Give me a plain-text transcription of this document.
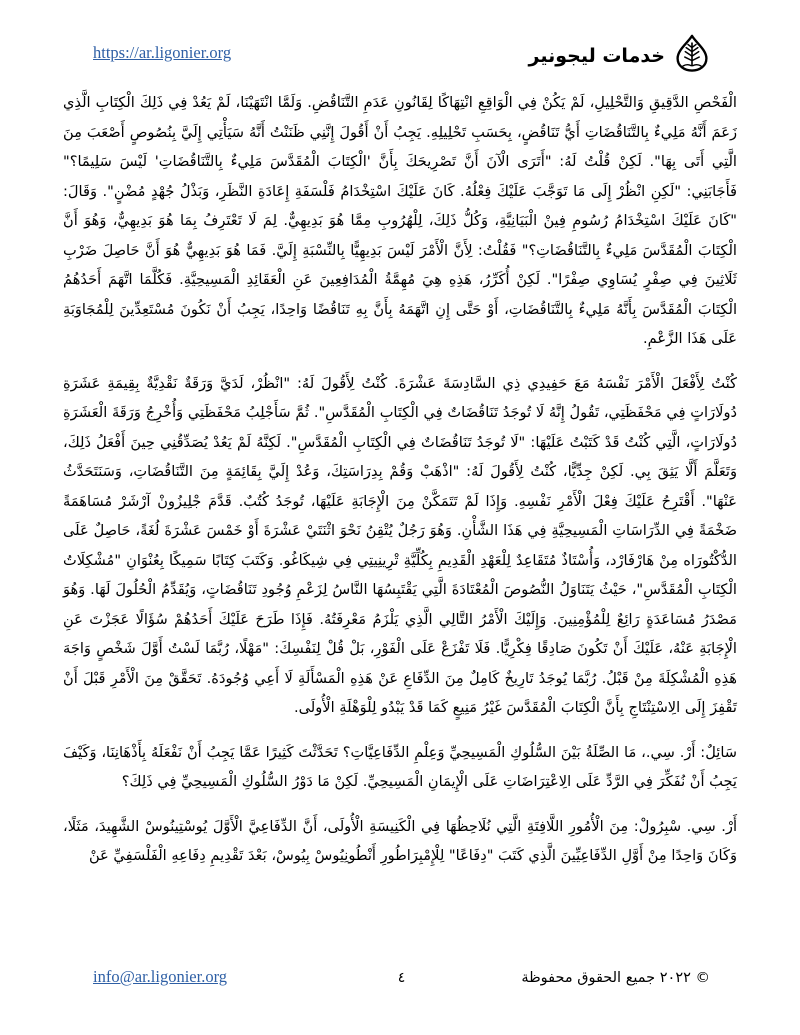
https://ar.ligonier.org	خدمات ليجونير

الْفَحْصِ الدَّقِيقِ وَالتَّحْلِيلِ، لَمْ يَكُنْ فِي الْوَاقِعِ انْتِهَاكًا لِقَانُونِ عَدَمِ التَّنَاقُضِ. وَلَمَّا انْتَهَيْنَا، لَمْ يَعُدْ فِي ذَلِكَ الْكِتَابِ الَّذِي زَعَمَ أَنَّهُ مَلِيءٌ بِالتَّنَاقُضَاتِ أَيُّ تَنَاقُضٍ، بِحَسَبِ تَحْلِيلِهِ. يَجِبُ أَنْ أَقُولَ إِنَّنِي ظَنَنْتُ أَنَّهُ سَيَأْتِي إِلَيَّ بِنُصُوصٍ أَصْعَبَ مِنَ الَّتِي أَتَى بِهَا". لَكِنْ قُلْتُ لَهُ: "أَتَرَى الْآنَ أَنَّ تَصْرِيحَكَ بِأَنَّ 'الْكِتَابَ الْمُقَدَّسَ مَلِيءٌ بِالتَّنَاقُضَاتِ' لَيْسَ سَلِيمًا؟" فَأَجَابَنِي: "لَكِنِ انْظُرْ إِلَى مَا تَوَجَّبَ عَلَيْكَ فِعْلُهُ. كَانَ عَلَيْكَ اسْتِخْدَامُ فَلْسَفَةِ إِعَادَةِ النَّظَرِ، وَبَذْلُ جُهْدٍ مُضْنٍ". وَقَالَ: "كَانَ عَلَيْكَ اسْتِخْدَامُ رُسُومِ فِينْ الْبَيَانِيَّةِ، وَكُلُّ ذَلِكَ، لِلْهُرُوبِ مِمَّا هُوَ بَدِيهِيٌّ. لِمَ لَا تَعْتَرِفُ بِمَا هُوَ بَدِيهِيٌّ، وَهُوَ أَنَّ الْكِتَابَ الْمُقَدَّسَ مَلِيءٌ بِالتَّنَاقُضَاتِ؟" فَقُلْتُ: لِأَنَّ الْأَمْرَ لَيْسَ بَدِيهِيًّا بِالنِّسْبَةِ إِلَيَّ. فَمَا هُوَ بَدِيهِيٌّ هُوَ أَنَّ حَاصِلَ ضَرْبِ ثَلَاثِينَ فِي صِفْرٍ يُسَاوِي صِفْرًا". لَكِنْ أُكَرِّرُ، هَذِهِ هِيَ مُهِمَّةُ الْمُدَافِعِينَ عَنِ الْعَقَائِدِ الْمَسِيحِيَّةِ. فَكُلَّمَا اتَّهَمَ أَحَدُهُمُ الْكِتَابَ الْمُقَدَّسَ بِأَنَّهُ مَلِيءٌ بِالتَّنَاقُضَاتِ، أَوْ حَتَّى إِنِ اتَّهَمَهُ بِأَنَّ بِهِ تَنَاقُضًا وَاحِدًا، يَجِبُ أَنْ نَكُونَ مُسْتَعِدِّينَ لِلْمُجَاوَبَةِ عَلَى هَذَا الزَّعْمِ.

كُنْتُ لِأَفْعَلَ الْأَمْرَ نَفْسَهُ مَعَ حَفِيدِي ذِي السَّادِسَةَ عَشْرَةَ. كُنْتُ لِأَقُولَ لَهُ: "انْظُرْ، لَدَيَّ وَرَقَةٌ نَقْدِيَّةٌ بِقِيمَةِ عَشَرَةِ دُولَارَاتٍ فِي مَحْفَظَتِي، تَقُولُ إِنَّهُ لَا تُوجَدُ تَنَاقُضَاتٌ فِي الْكِتَابِ الْمُقَدَّسِ". ثُمَّ سَأَجْلِبُ مَحْفَظَتِي وَأُخْرِجُ وَرَقَةَ الْعَشَرَةِ دُولَارَاتٍ، الَّتِي كُنْتُ قَدْ كَتَبْتُ عَلَيْهَا: "لَا تُوجَدُ تَنَاقُضَاتٌ فِي الْكِتَابِ الْمُقَدَّسِ". لَكِنَّهُ لَمْ يَعُدْ يُصَدِّقُنِي حِينَ أَفْعَلُ ذَلِكَ، وَتَعَلَّمَ أَلَّا يَثِقَ بِي. لَكِنْ جِدِّيًّا، كُنْتُ لِأَقُولَ لَهُ: "اذْهَبْ وَقُمْ بِدِرَاسَتِكَ، وَعُدْ إِلَيَّ بِقَائِمَةٍ مِنَ التَّنَاقُضَاتِ، وَسَنَتَحَدَّثُ عَنْهَا". أَقْتَرِحُ عَلَيْكَ فِعْلَ الْأَمْرِ نَفْسِهِ. وَإِذَا لَمْ تَتَمَكَّنْ مِنَ الْإِجَابَةِ عَلَيْهَا، تُوجَدُ كُتُبٌ. قَدَّمَ جْلِيزُونْ آرْشَرْ مُسَاهَمَةً ضَخْمَةً فِي الدِّرَاسَاتِ الْمَسِيحِيَّةِ فِي هَذَا الشَّأْنِ. وَهُوَ رَجُلٌ يُتْقِنُ نَحْوَ اثْنَتَيْ عَشْرَةَ أَوْ خَمْسَ عَشْرَةَ لُغَةً، حَاصِلٌ عَلَى الدُّكْتُورَاه مِنْ هَارْفَارْد، وَأُسْتَاذٌ مُتَقَاعِدٌ لِلْعَهْدِ الْقَدِيمِ بِكُلِّيَّةِ تْرِينِيتِي فِي شِيكَاغُو. وَكَتَبَ كِتَابًا سَمِيكًا بِعُنْوَانِ "مُشْكِلَاتُ الْكِتَابِ الْمُقَدَّسِ"، حَيْثُ يَتَنَاوَلُ النُّصُوصَ الْمُعْتَادَةَ الَّتِي يَقْتَبِسُهَا النَّاسُ لِزَعْمِ وُجُودِ تَنَاقُضَاتٍ، وَيُقَدِّمُ الْحُلُولَ لَهَا. وَهُوَ مَصْدَرُ مُسَاعَدَةٍ رَائِعٌ لِلْمُؤْمِنِينَ. وَإِلَيْكَ الْأَمْرُ التَّالِي الَّذِي يَلْزَمُ مَعْرِفَتُهُ. فَإِذَا طَرَحَ عَلَيْكَ أَحَدُهُمْ سُؤَالًا عَجَزْتَ عَنِ الْإِجَابَةِ عَنْهُ، عَلَيْكَ أَنْ تَكُونَ صَادِقًا فِكْرِيًّا. فَلَا تَفْزَعْ عَلَى الْفَوْرِ، بَلْ قُلْ لِنَفْسِكَ: "مَهْلًا، رُبَّمَا لَسْتُ أَوَّلَ شَخْصٍ وَاجَهَ هَذِهِ الْمُشْكِلَةَ مِنْ قَبْلُ. رُبَّمَا يُوجَدُ تَارِيخٌ كَامِلٌ مِنَ الدِّفَاعِ عَنْ هَذِهِ الْمَسْأَلَةِ لَا أَعِي وُجُودَهُ. تَحَقَّقْ مِنَ الْأَمْرِ قَبْلَ أَنْ تَقْفِزَ إِلَى الِاسْتِنْتَاجِ بِأَنَّ الْكِتَابَ الْمُقَدَّسَ غَيْرُ مَنِيعٍ كَمَا قَدْ يَبْدُو لِلْوَهْلَةِ الْأُولَى.

سَائِلٌ: أَرْ. سِي.، مَا الصِّلَةُ بَيْنَ السُّلُوكِ الْمَسِيحِيِّ وَعِلْمِ الدِّفَاعِيَّاتِ؟ تَحَدَّثْتَ كَثِيرًا عَمَّا يَجِبُ أَنْ نَفْعَلَهُ بِأَذْهَانِنَا، وَكَيْفَ يَجِبُ أَنْ نُفَكِّرَ فِي الرَّدِّ عَلَى الِاعْتِرَاضَاتِ عَلَى الْإِيمَانِ الْمَسِيحِيِّ. لَكِنْ مَا دَوْرُ السُّلُوكِ الْمَسِيحِيِّ فِي ذَلِكَ؟

أَرْ. سِي. سْبِرُولْ: مِنَ الْأُمُورِ اللَّافِتَةِ الَّتِي نُلَاحِظُهَا فِي الْكَنِيسَةِ الْأُولَى، أَنَّ الدِّفَاعِيَّ الْأَوَّلَ يُوسْتِينُوسْ الشَّهِيدَ، مَثَلًا، وَكَانَ وَاحِدًا مِنْ أَوَّلِ الدِّفَاعِيِّينَ الَّذِي كَتَبَ "دِفَاعًا" لِلْإِمْبِرَاطُورِ أَنْطُونِيُوسْ بِيُوسْ، بَعْدَ تَقْدِيمِ دِفَاعِهِ الْفَلْسَفِيِّ عَنْ

info@ar.ligonier.org	٤	© ٢٠٢٢ جميع الحقوق محفوظة
